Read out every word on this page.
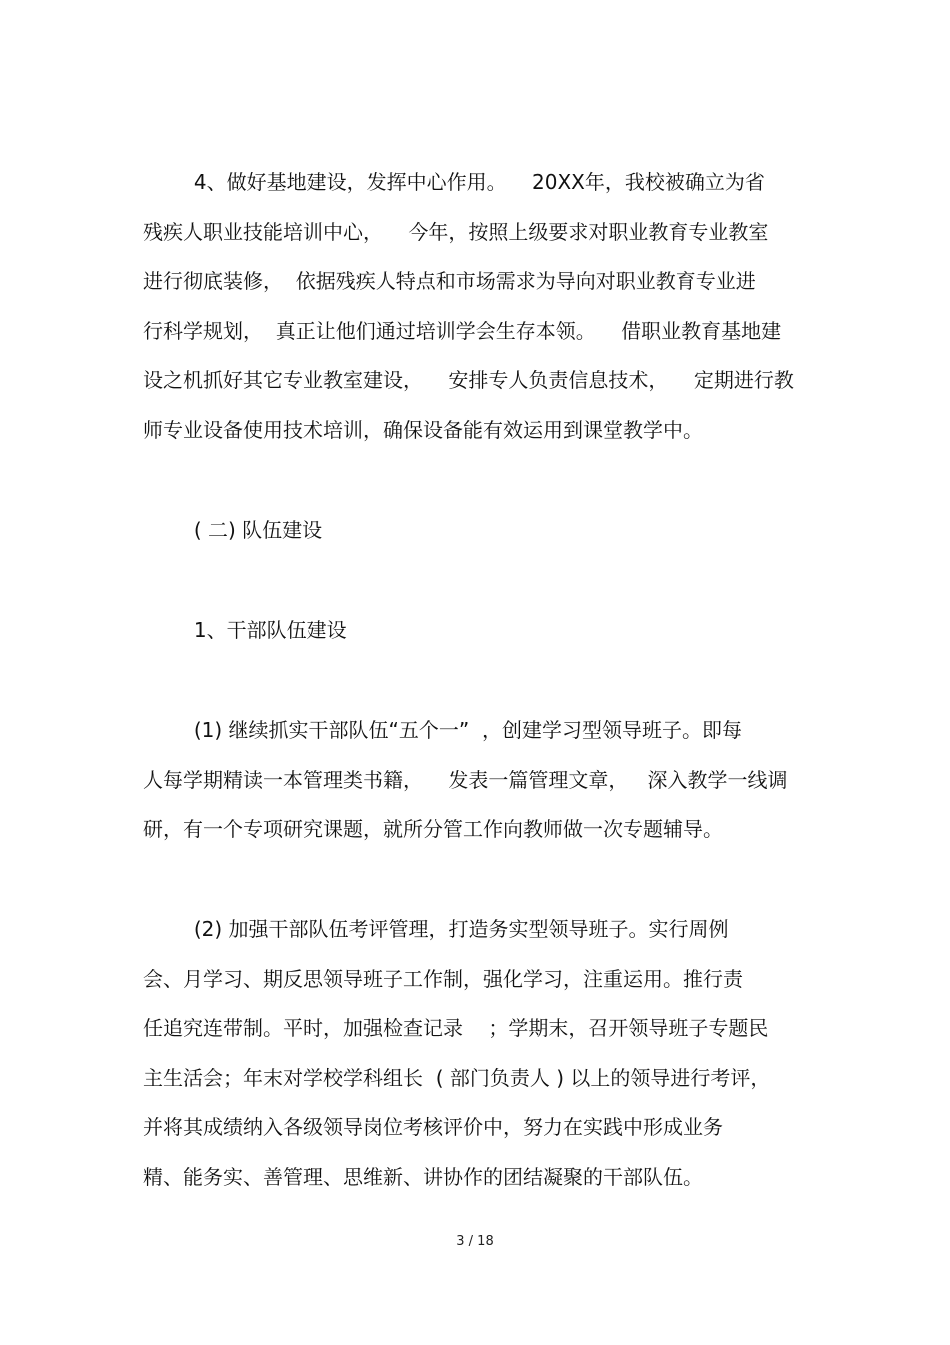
4、做好基地建设，发挥中心作用。    20XX年，我校被确立为省
残疾人职业技能培训中心，    今年，按照上级要求对职业教育专业教室
进行彻底装修，  依据残疾人特点和市场需求为导向对职业教育专业进
行科学规划，  真正让他们通过培训学会生存本领。    借职业教育基地建
设之机抓好其它专业教室建设，    安排专人负责信息技术，    定期进行教
师专业设备使用技术培训，确保设备能有效运用到课堂教学中。
( 二) 队伍建设
1、干部队伍建设
(1) 继续抓实干部队伍“五个一”  ，创建学习型领导班子。即每
人每学期精读一本管理类书籍，    发表一篇管理文章，   深入教学一线调
研，有一个专项研究课题，就所分管工作向教师做一次专题辅导。
(2) 加强干部队伍考评管理，打造务实型领导班子。实行周例
会、月学习、期反思领导班子工作制，强化学习，注重运用。推行责
任追究连带制。平时，加强检查记录    ；学期末，召开领导班子专题民
主生活会；年末对学校学科组长  ( 部门负责人 ) 以上的领导进行考评，
并将其成绩纳入各级领导岗位考核评价中，努力在实践中形成业务
精、能务实、善管理、思维新、讲协作的团结凝聚的干部队伍。
3 / 18
